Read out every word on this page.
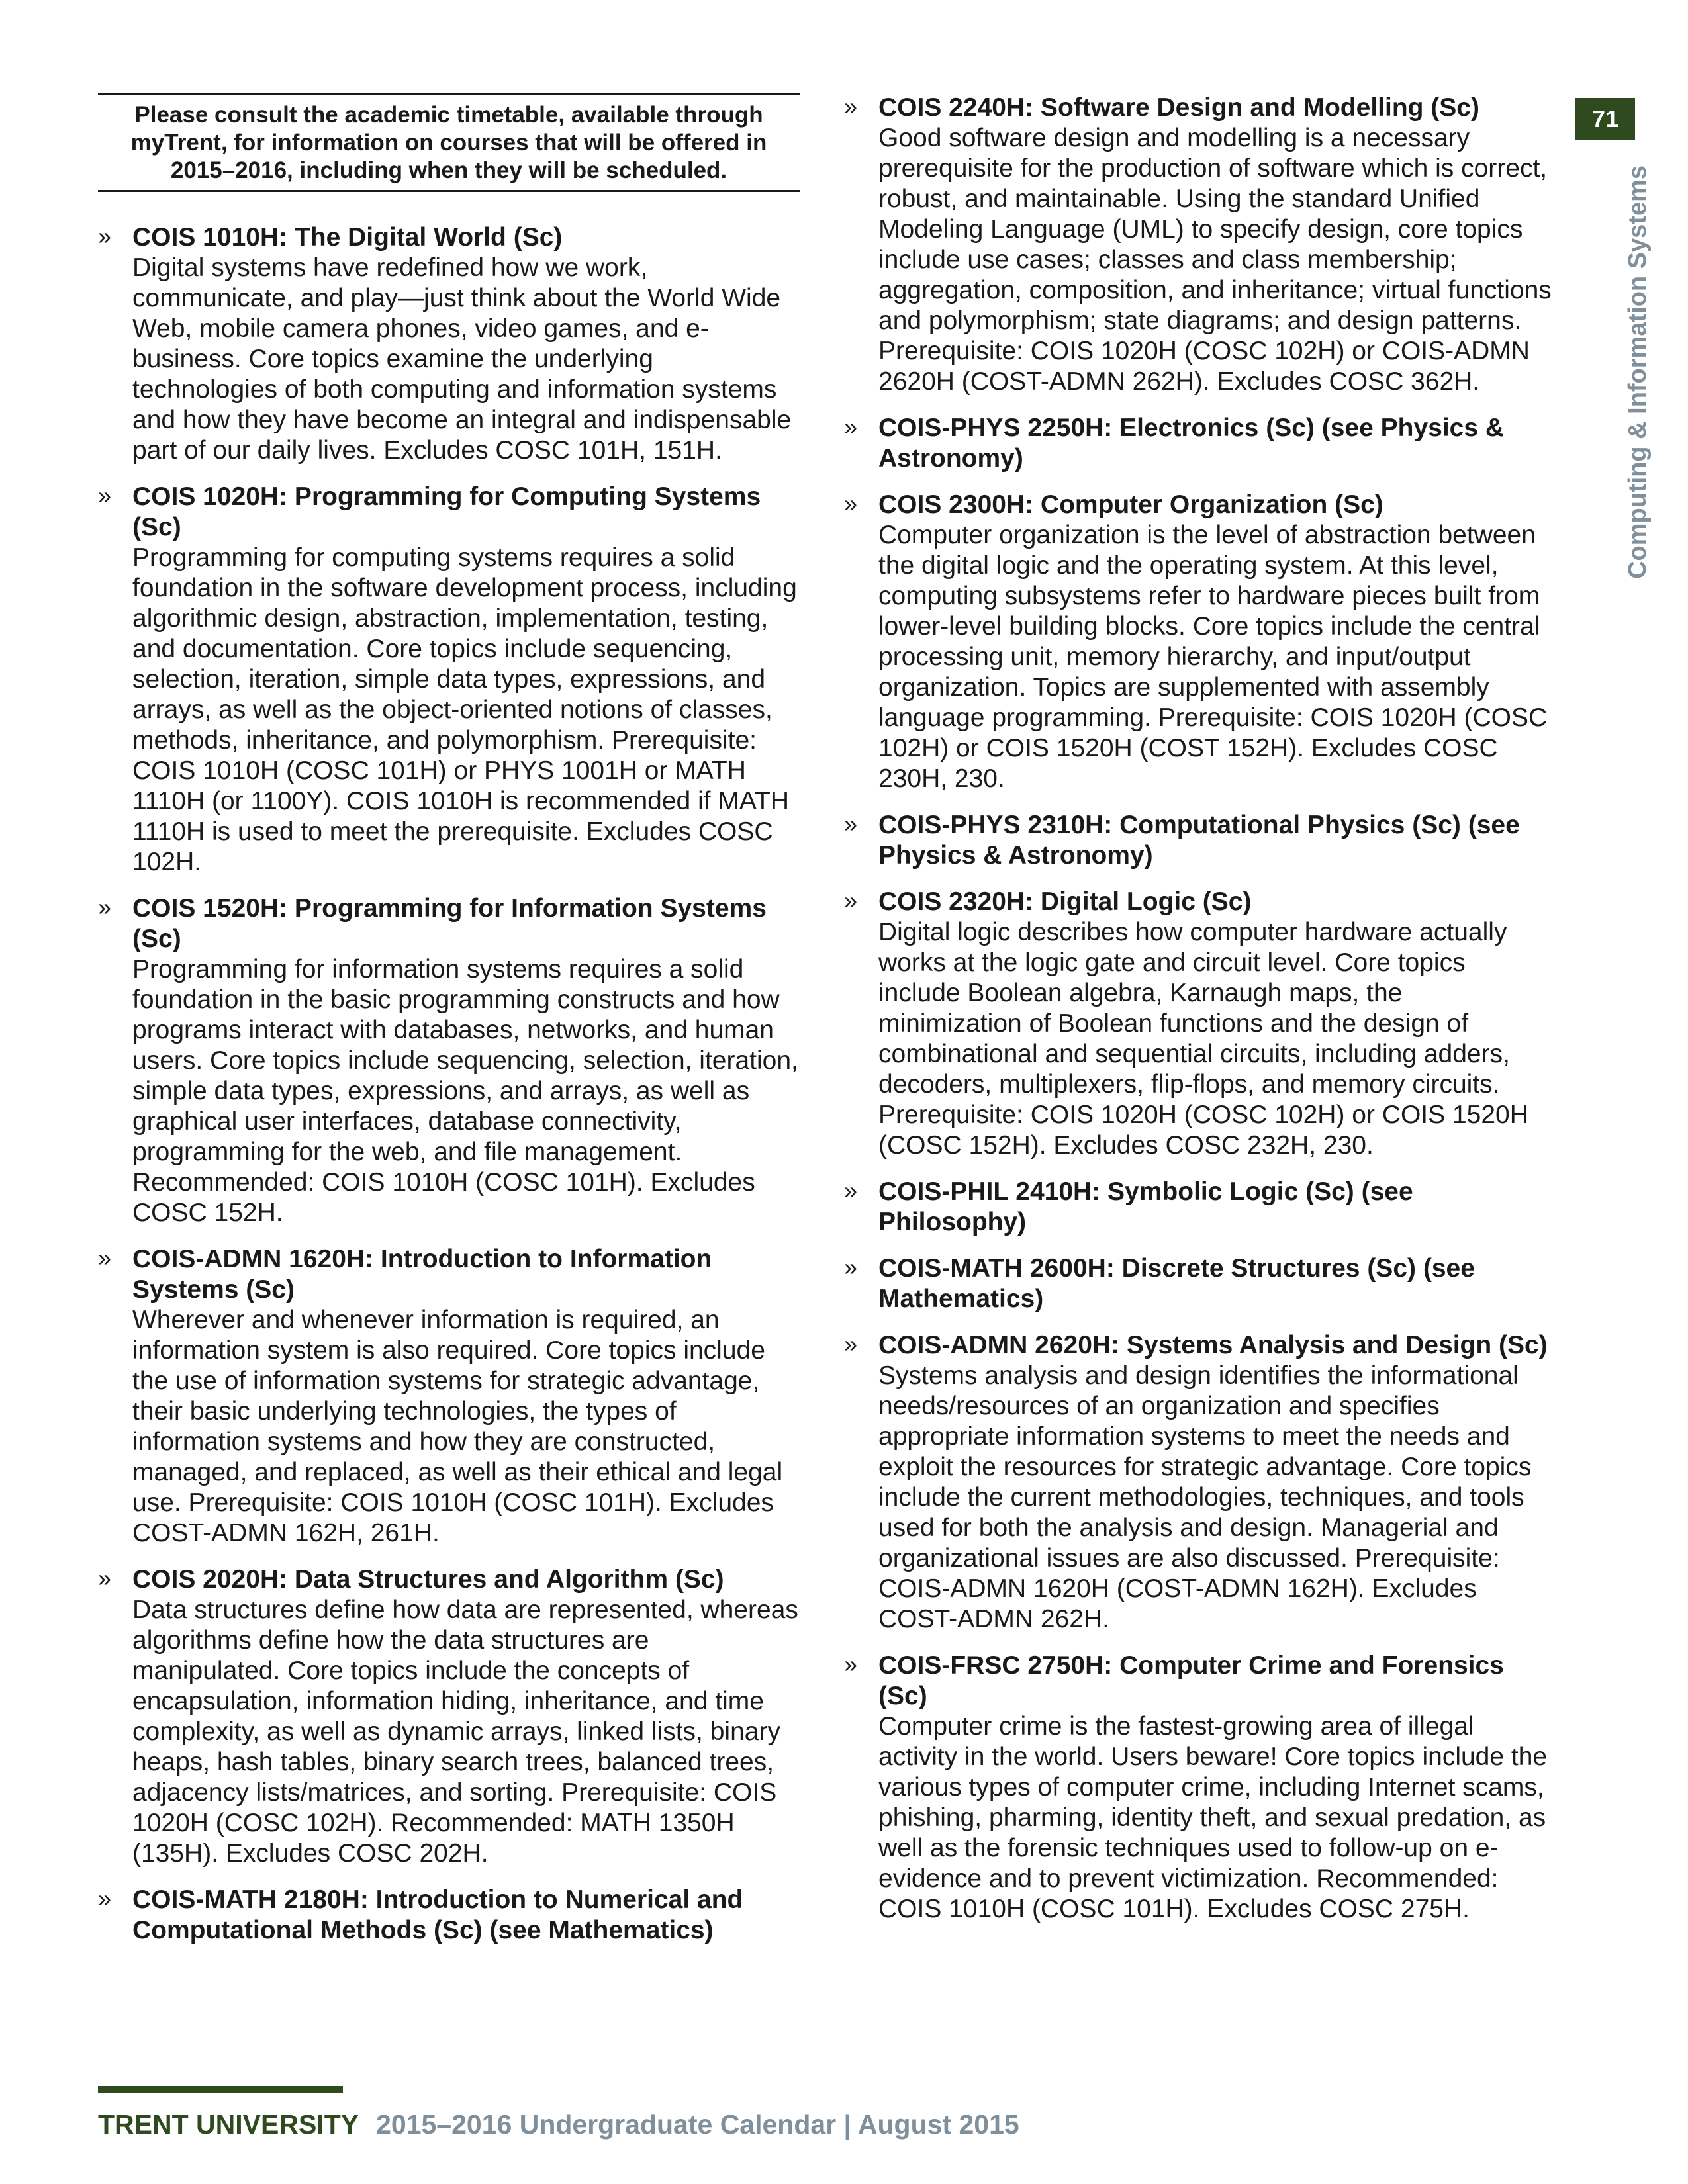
Please consult the academic timetable, available through myTrent, for information on courses that will be offered in 2015–2016, including when they will be scheduled.
» COIS 1010H: The Digital World (Sc)
Digital systems have redefined how we work, communicate, and play—just think about the World Wide Web, mobile camera phones, video games, and e-business. Core topics examine the underlying technologies of both computing and information systems and how they have become an integral and indispensable part of our daily lives. Excludes COSC 101H, 151H.
» COIS 1020H: Programming for Computing Systems (Sc)
Programming for computing systems requires a solid foundation in the software development process, including algorithmic design, abstraction, implementation, testing, and documentation. Core topics include sequencing, selection, iteration, simple data types, expressions, and arrays, as well as the object-oriented notions of classes, methods, inheritance, and polymorphism. Prerequisite: COIS 1010H (COSC 101H) or PHYS 1001H or MATH 1110H (or 1100Y). COIS 1010H is recommended if MATH 1110H is used to meet the prerequisite. Excludes COSC 102H.
» COIS 1520H: Programming for Information Systems (Sc)
Programming for information systems requires a solid foundation in the basic programming constructs and how programs interact with databases, networks, and human users. Core topics include sequencing, selection, iteration, simple data types, expressions, and arrays, as well as graphical user interfaces, database connectivity, programming for the web, and file management. Recommended: COIS 1010H (COSC 101H). Excludes COSC 152H.
» COIS-ADMN 1620H: Introduction to Information Systems (Sc)
Wherever and whenever information is required, an information system is also required. Core topics include the use of information systems for strategic advantage, their basic underlying technologies, the types of information systems and how they are constructed, managed, and replaced, as well as their ethical and legal use. Prerequisite: COIS 1010H (COSC 101H). Excludes COST-ADMN 162H, 261H.
» COIS 2020H: Data Structures and Algorithm (Sc)
Data structures define how data are represented, whereas algorithms define how the data structures are manipulated. Core topics include the concepts of encapsulation, information hiding, inheritance, and time complexity, as well as dynamic arrays, linked lists, binary heaps, hash tables, binary search trees, balanced trees, adjacency lists/matrices, and sorting. Prerequisite: COIS 1020H (COSC 102H). Recommended: MATH 1350H (135H). Excludes COSC 202H.
» COIS-MATH 2180H: Introduction to Numerical and Computational Methods (Sc) (see Mathematics)
» COIS 2240H: Software Design and Modelling (Sc)
Good software design and modelling is a necessary prerequisite for the production of software which is correct, robust, and maintainable. Using the standard Unified Modeling Language (UML) to specify design, core topics include use cases; classes and class membership; aggregation, composition, and inheritance; virtual functions and polymorphism; state diagrams; and design patterns. Prerequisite: COIS 1020H (COSC 102H) or COIS-ADMN 2620H (COST-ADMN 262H). Excludes COSC 362H.
» COIS-PHYS 2250H: Electronics (Sc) (see Physics & Astronomy)
» COIS 2300H: Computer Organization (Sc)
Computer organization is the level of abstraction between the digital logic and the operating system. At this level, computing subsystems refer to hardware pieces built from lower-level building blocks. Core topics include the central processing unit, memory hierarchy, and input/output organization. Topics are supplemented with assembly language programming. Prerequisite: COIS 1020H (COSC 102H) or COIS 1520H (COST 152H). Excludes COSC 230H, 230.
» COIS-PHYS 2310H: Computational Physics (Sc) (see Physics & Astronomy)
» COIS 2320H: Digital Logic (Sc)
Digital logic describes how computer hardware actually works at the logic gate and circuit level. Core topics include Boolean algebra, Karnaugh maps, the minimization of Boolean functions and the design of combinational and sequential circuits, including adders, decoders, multiplexers, flip-flops, and memory circuits. Prerequisite: COIS 1020H (COSC 102H) or COIS 1520H (COSC 152H). Excludes COSC 232H, 230.
» COIS-PHIL 2410H: Symbolic Logic (Sc) (see Philosophy)
» COIS-MATH 2600H: Discrete Structures (Sc) (see Mathematics)
» COIS-ADMN 2620H: Systems Analysis and Design (Sc)
Systems analysis and design identifies the informational needs/resources of an organization and specifies appropriate information systems to meet the needs and exploit the resources for strategic advantage. Core topics include the current methodologies, techniques, and tools used for both the analysis and design. Managerial and organizational issues are also discussed. Prerequisite: COIS-ADMN 1620H (COST-ADMN 162H). Excludes COST-ADMN 262H.
» COIS-FRSC 2750H: Computer Crime and Forensics (Sc)
Computer crime is the fastest-growing area of illegal activity in the world. Users beware! Core topics include the various types of computer crime, including Internet scams, phishing, pharming, identity theft, and sexual predation, as well as the forensic techniques used to follow-up on e-evidence and to prevent victimization. Recommended: COIS 1010H (COSC 101H). Excludes COSC 275H.
71
Computing & Information Systems
TRENT UNIVERSITY 2015–2016 Undergraduate Calendar | August 2015
